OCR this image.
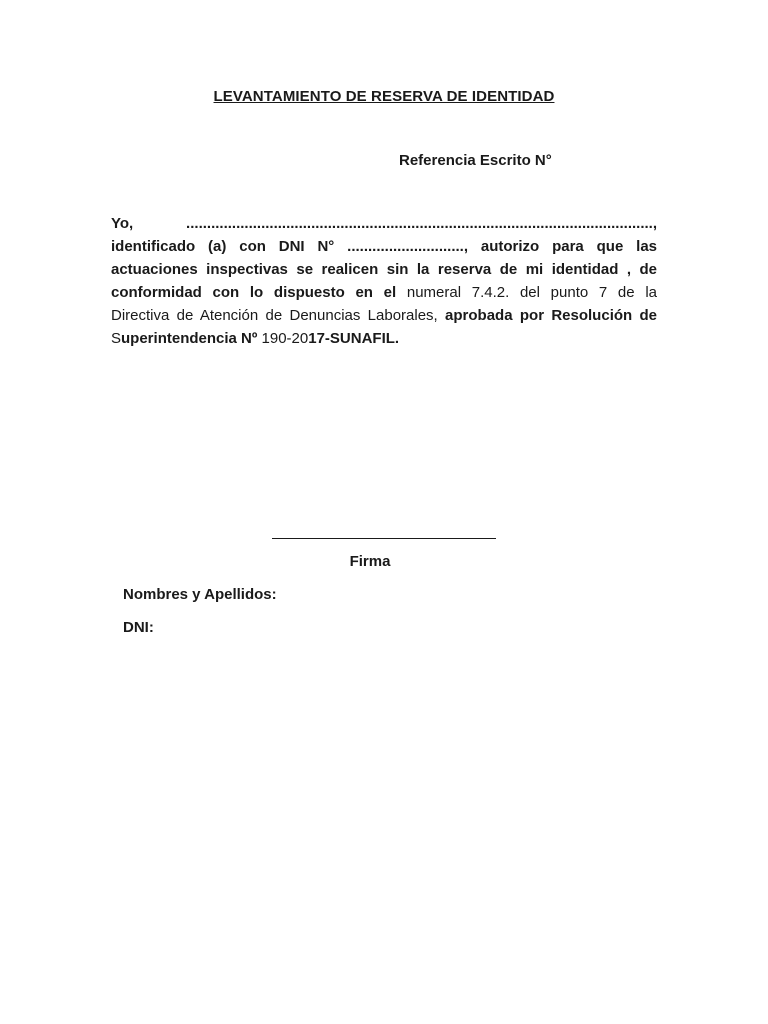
LEVANTAMIENTO DE RESERVA DE IDENTIDAD
Referencia Escrito N°
Yo, ................................................................................................................,
identificado (a) con DNI N° ............................, autorizo para que las
actuaciones inspectivas se realicen sin la reserva de mi identidad , de
conformidad con lo dispuesto en el numeral 7.4.2. del punto 7 de la
Directiva de Atención de Denuncias Laborales, aprobada por Resolución de
Superintendencia Nº 190-2017-SUNAFIL.
Firma
Nombres y Apellidos:
DNI:
